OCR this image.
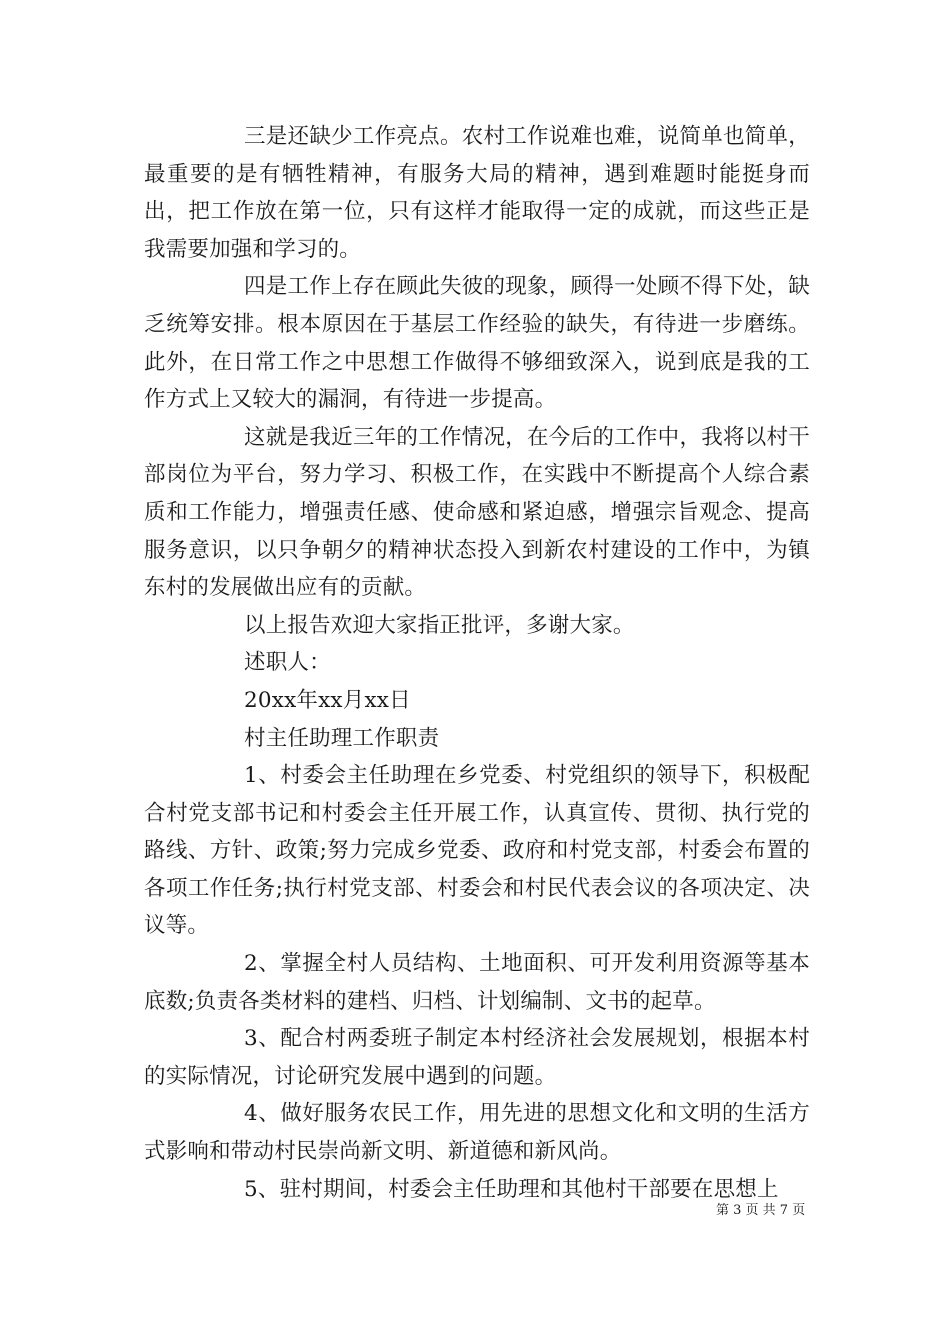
三是还缺少工作亮点。农村工作说难也难，说简单也简单，最重要的是有牺牲精神，有服务大局的精神，遇到难题时能挺身而出，把工作放在第一位，只有这样才能取得一定的成就，而这些正是我需要加强和学习的。

四是工作上存在顾此失彼的现象，顾得一处顾不得下处，缺乏统筹安排。根本原因在于基层工作经验的缺失，有待进一步磨练。此外，在日常工作之中思想工作做得不够细致深入，说到底是我的工作方式上又较大的漏洞，有待进一步提高。

这就是我近三年的工作情况，在今后的工作中，我将以村干部岗位为平台，努力学习、积极工作，在实践中不断提高个人综合素质和工作能力，增强责任感、使命感和紧迫感，增强宗旨观念、提高服务意识，以只争朝夕的精神状态投入到新农村建设的工作中，为镇东村的发展做出应有的贡献。

以上报告欢迎大家指正批评，多谢大家。

述职人：

20xx年xx月xx日

村主任助理工作职责

1、村委会主任助理在乡党委、村党组织的领导下，积极配合村党支部书记和村委会主任开展工作，认真宣传、贯彻、执行党的路线、方针、政策;努力完成乡党委、政府和村党支部，村委会布置的各项工作任务;执行村党支部、村委会和村民代表会议的各项决定、决议等。

2、掌握全村人员结构、土地面积、可开发利用资源等基本底数;负责各类材料的建档、归档、计划编制、文书的起草。

3、配合村两委班子制定本村经济社会发展规划，根据本村的实际情况，讨论研究发展中遇到的问题。

4、做好服务农民工作，用先进的思想文化和文明的生活方式影响和带动村民崇尚新文明、新道德和新风尚。

5、驻村期间，村委会主任助理和其他村干部要在思想上

第 3 页 共 7 页
